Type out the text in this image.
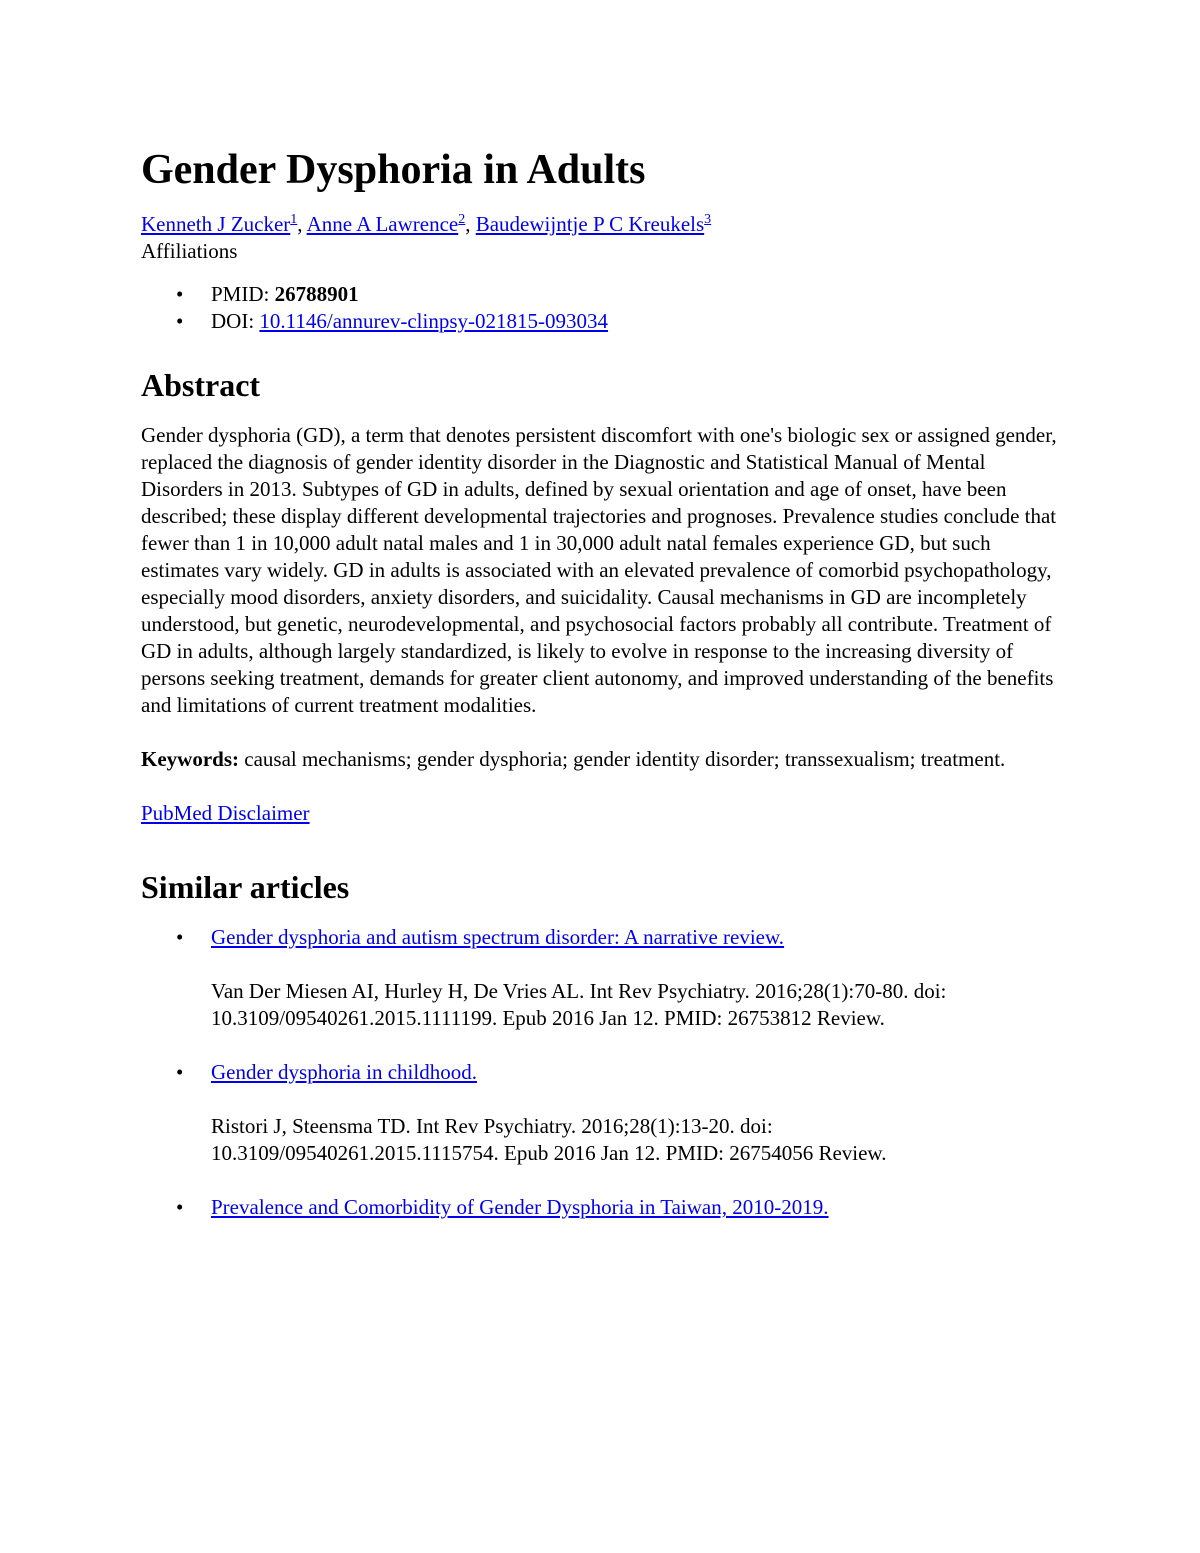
Gender Dysphoria in Adults
Kenneth J Zucker$^1$, Anne A Lawrence$^2$, Baudewijntje P C Kreukels$^3$
Affiliations
• PMID: 26788901
• DOI: 10.1146/annurev-clinpsy-021815-093034
Abstract

Gender dysphoria (GD), a term that denotes persistent discomfort with one's biologic sex or assigned gender, replaced the diagnosis of gender identity disorder in the Diagnostic and Statistical Manual of Mental Disorders in 2013. Subtypes of GD in adults, defined by sexual orientation and age of onset, have been described; these display different developmental trajectories and prognoses. Prevalence studies conclude that fewer than 1 in 10,000 adult natal males and 1 in 30,000 adult natal females experience GD, but such estimates vary widely. GD in adults is associated with an elevated prevalence of comorbid psychopathology, especially mood disorders, anxiety disorders, and suicidality. Causal mechanisms in GD are incompletely understood, but genetic, neurodevelopmental, and psychosocial factors probably all contribute. Treatment of GD in adults, although largely standardized, is likely to evolve in response to the increasing diversity of persons seeking treatment, demands for greater client autonomy, and improved understanding of the benefits and limitations of current treatment modalities.

Keywords: causal mechanisms; gender dysphoria; gender identity disorder; transsexualism; treatment.

PubMed Disclaimer

Similar articles
• Gender dysphoria and autism spectrum disorder: A narrative review.
Van Der Miesen AI, Hurley H, De Vries AL. Int Rev Psychiatry. 2016;28(1):70-80. doi: 10.3109/09540261.2015.1111199. Epub 2016 Jan 12. PMID: 26753812 Review.
• Gender dysphoria in childhood.
Ristori J, Steensma TD. Int Rev Psychiatry. 2016;28(1):13-20. doi: 10.3109/09540261.2015.1115754. Epub 2016 Jan 12. PMID: 26754056 Review.
• Prevalence and Comorbidity of Gender Dysphoria in Taiwan, 2010-2019.
